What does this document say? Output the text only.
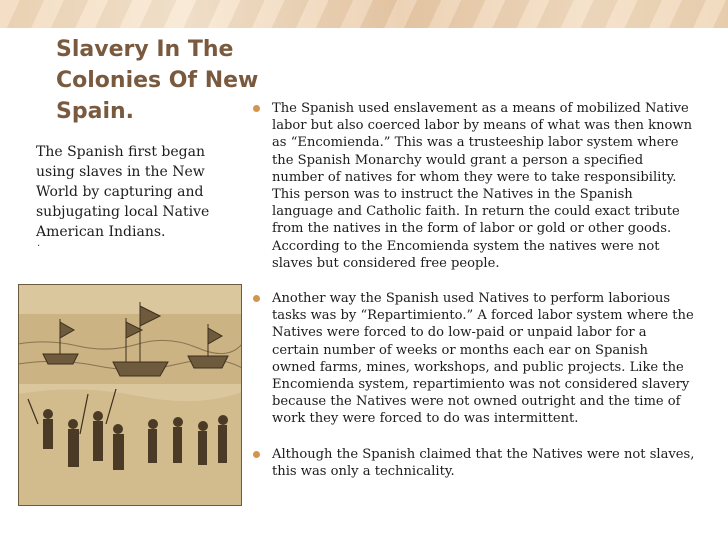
Slavery In The Colonies Of New Spain.

The Spanish first began using slaves in the New World by capturing and subjugating local Native American Indians.

.
The Spanish used enslavement as a means of mobilized Native labor but also coerced labor by means of what was then known as “Encomienda.” This was a trusteeship labor system where the Spanish Monarchy would grant a person a specified number of natives for whom they were to take responsibility. This person was to instruct the Natives in the Spanish language and Catholic faith. In return the could exact tribute from the natives in the form of labor or gold or other goods. According to the Encomienda system the natives were not slaves but considered free people.
Another way the Spanish used Natives to perform laborious tasks was by “Repartimiento.” A forced labor system where the Natives were forced to do low-paid or unpaid labor for a certain number of weeks or months each ear on Spanish owned farms, mines, workshops, and public projects. Like the Encomienda system, repartimiento was not considered slavery because the Natives were not owned outright and the time of work they were forced to do was intermittent.
Although the Spanish claimed that the Natives were not slaves, this was only a technicality.
